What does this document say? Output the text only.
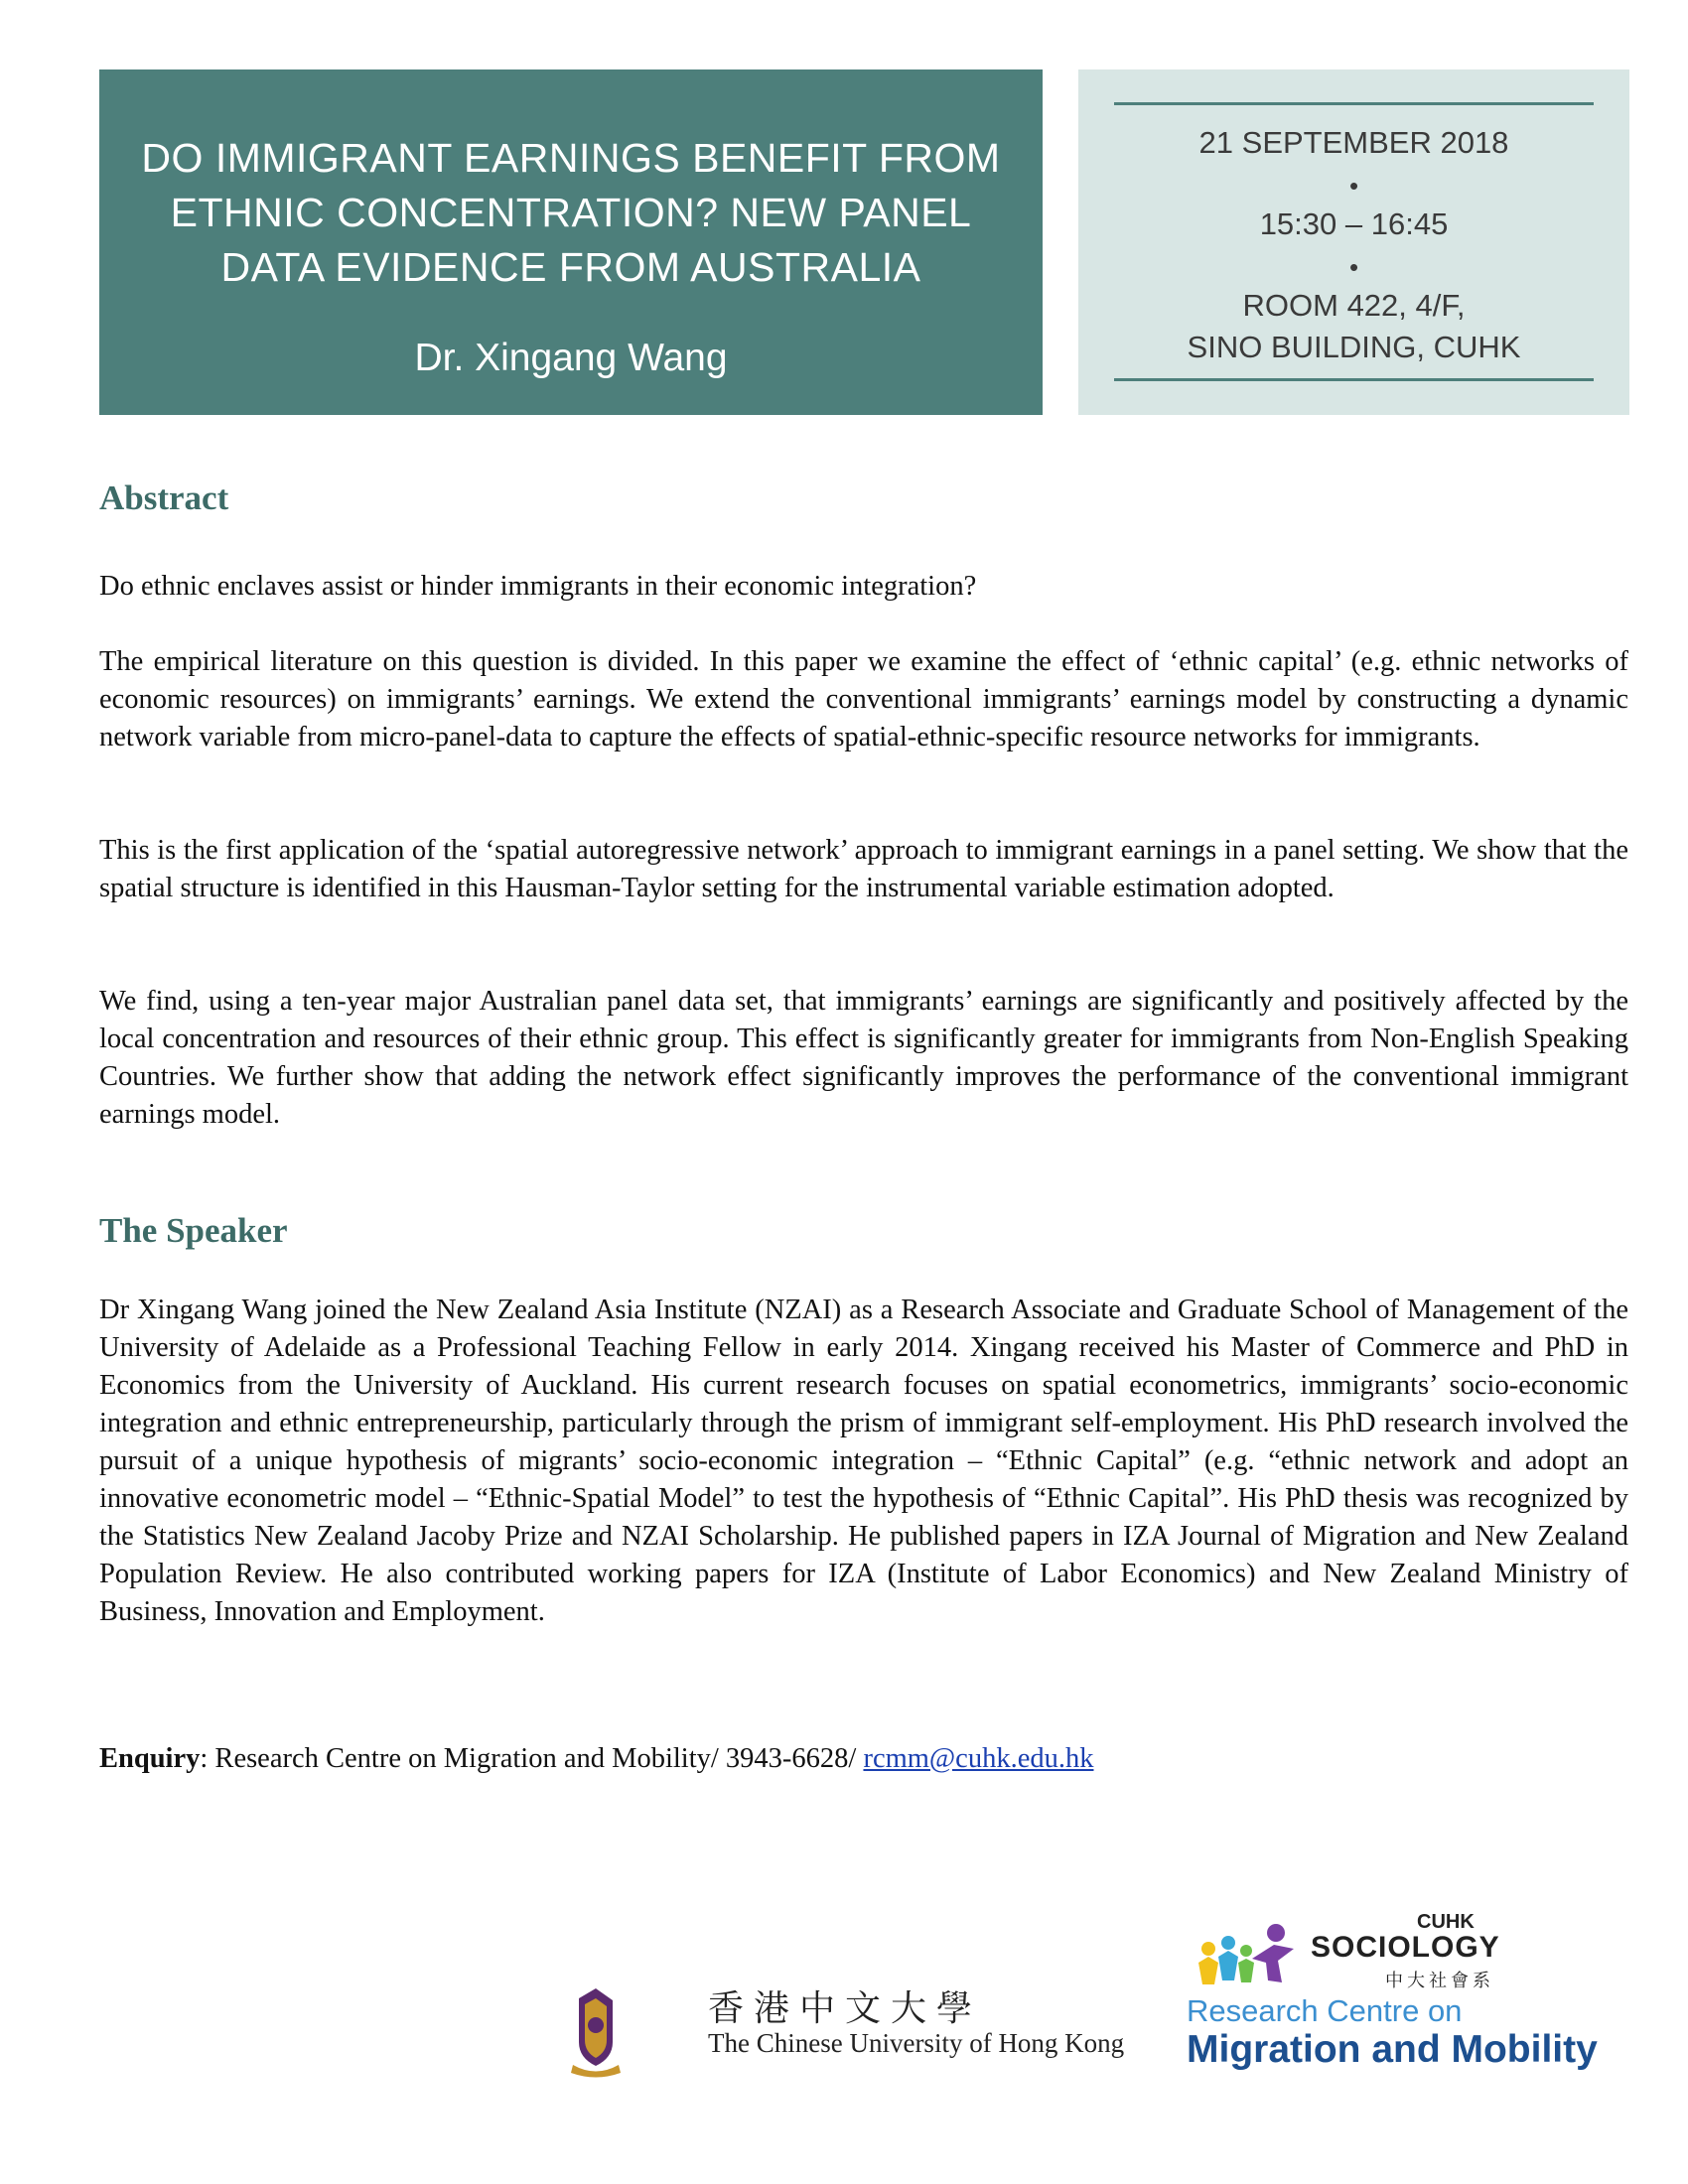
DO IMMIGRANT EARNINGS BENEFIT FROM ETHNIC CONCENTRATION? NEW PANEL DATA EVIDENCE FROM AUSTRALIA
Dr. Xingang Wang
21 SEPTEMBER 2018
•
15:30 – 16:45
•
ROOM 422, 4/F,
SINO BUILDING, CUHK
Abstract

Do ethnic enclaves assist or hinder immigrants in their economic integration?

The empirical literature on this question is divided. In this paper we examine the effect of ‘ethnic capital’ (e.g. ethnic networks of economic resources) on immigrants’ earnings. We extend the conventional immigrants’ earnings model by constructing a dynamic network variable from micro-panel-data to capture the effects of spatial-ethnic-specific resource networks for immigrants.

This is the first application of the ‘spatial autoregressive network’ approach to immigrant earnings in a panel setting. We show that the spatial structure is identified in this Hausman-Taylor setting for the instrumental variable estimation adopted.

We find, using a ten-year major Australian panel data set, that immigrants’ earnings are significantly and positively affected by the local concentration and resources of their ethnic group. This effect is significantly greater for immigrants from Non-English Speaking Countries. We further show that adding the network effect significantly improves the performance of the conventional immigrant earnings model.

The Speaker

Dr Xingang Wang joined the New Zealand Asia Institute (NZAI) as a Research Associate and Graduate School of Management of the University of Adelaide as a Professional Teaching Fellow in early 2014. Xingang received his Master of Commerce and PhD in Economics from the University of Auckland. His current research focuses on spatial econometrics, immigrants’ socio-economic integration and ethnic entrepreneurship, particularly through the prism of immigrant self-employment. His PhD research involved the pursuit of a unique hypothesis of migrants’ socio-economic integration – “Ethnic Capital” (e.g. “ethnic network and adopt an innovative econometric model – “Ethnic-Spatial Model” to test the hypothesis of “Ethnic Capital”. His PhD thesis was recognized by the Statistics New Zealand Jacoby Prize and NZAI Scholarship. He published papers in IZA Journal of Migration and New Zealand Population Review. He also contributed working papers for IZA (Institute of Labor Economics) and New Zealand Ministry of Business, Innovation and Employment.

Enquiry: Research Centre on Migration and Mobility/ 3943-6628/ rcmm@cuhk.edu.hk
香港中文大學
The Chinese University of Hong Kong
CUHK
SOCIOLOGY
中大社會系
Research Centre on
Migration and Mobility
